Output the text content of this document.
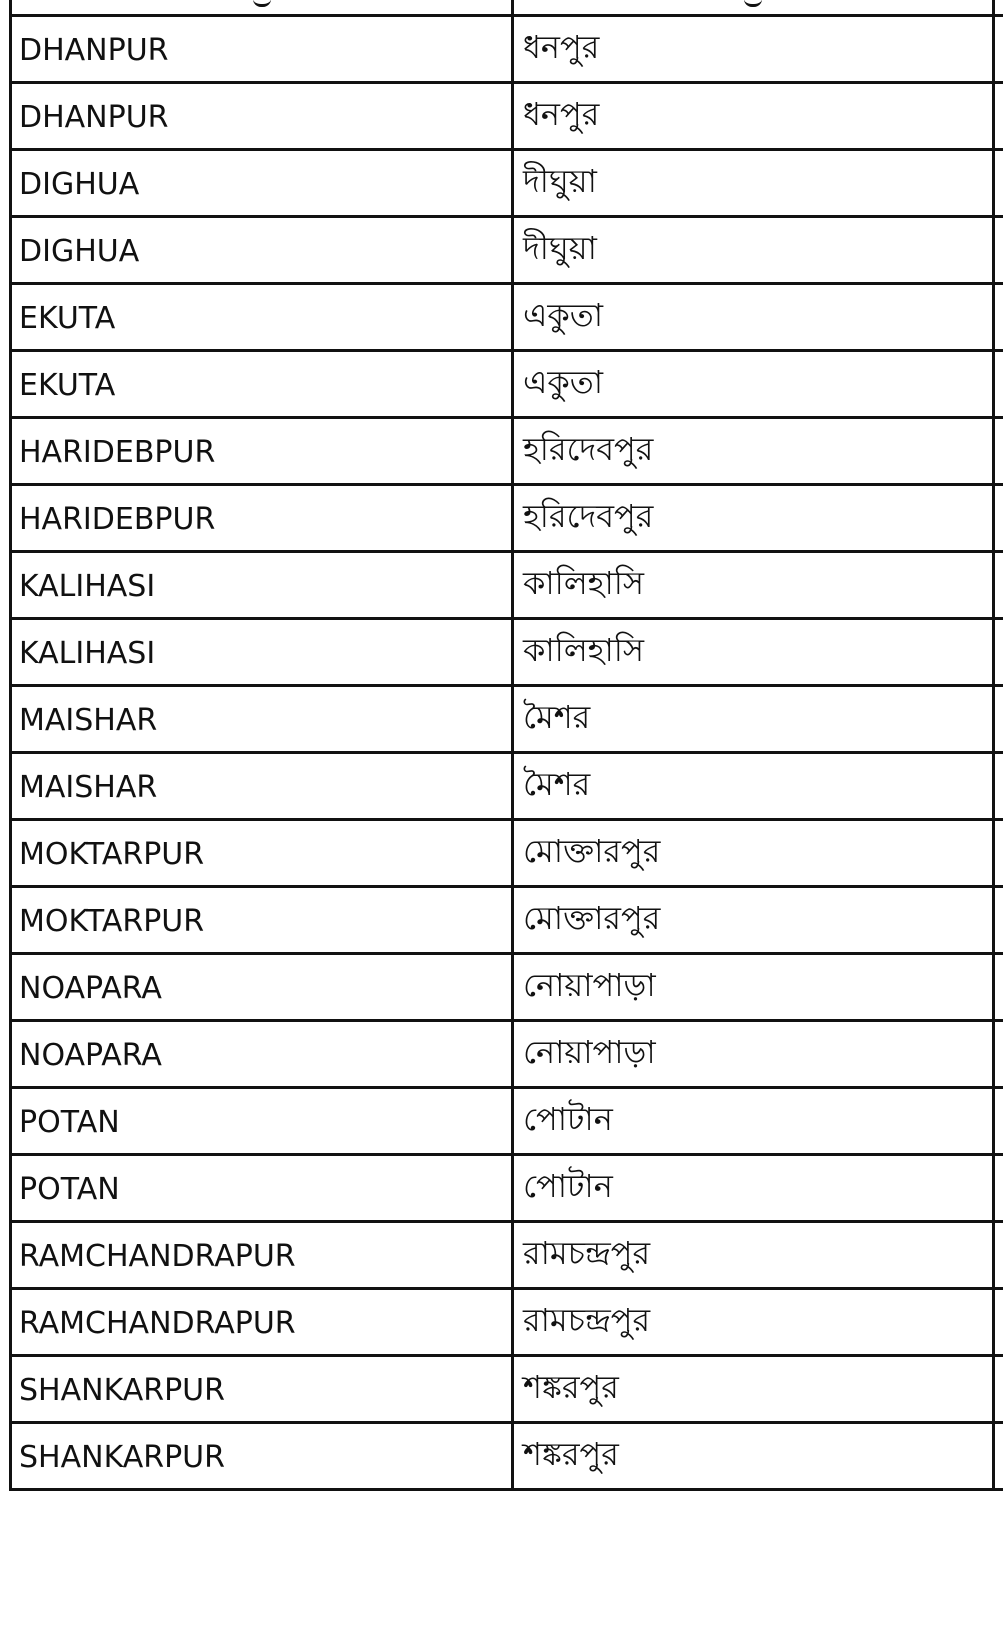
DHANPUR	ধনপুর
DHANPUR	ধনপুর
DIGHUA	দীঘুয়া
DIGHUA	দীঘুয়া
EKUTA	একুতা
EKUTA	একুতা
HARIDEBPUR	হরিদেবপুর
HARIDEBPUR	হরিদেবপুর
KALIHASI	কালিহাসি
KALIHASI	কালিহাসি
MAISHAR	মৈশর
MAISHAR	মৈশর
MOKTARPUR	মোক্তারপুর
MOKTARPUR	মোক্তারপুর
NOAPARA	নোয়াপাড়া
NOAPARA	নোয়াপাড়া
POTAN	পোটান
POTAN	পোটান
RAMCHANDRAPUR	রামচন্দ্রপুর
RAMCHANDRAPUR	রামচন্দ্রপুর
SHANKARPUR	শঙ্করপুর
SHANKARPUR	শঙ্করপুর
